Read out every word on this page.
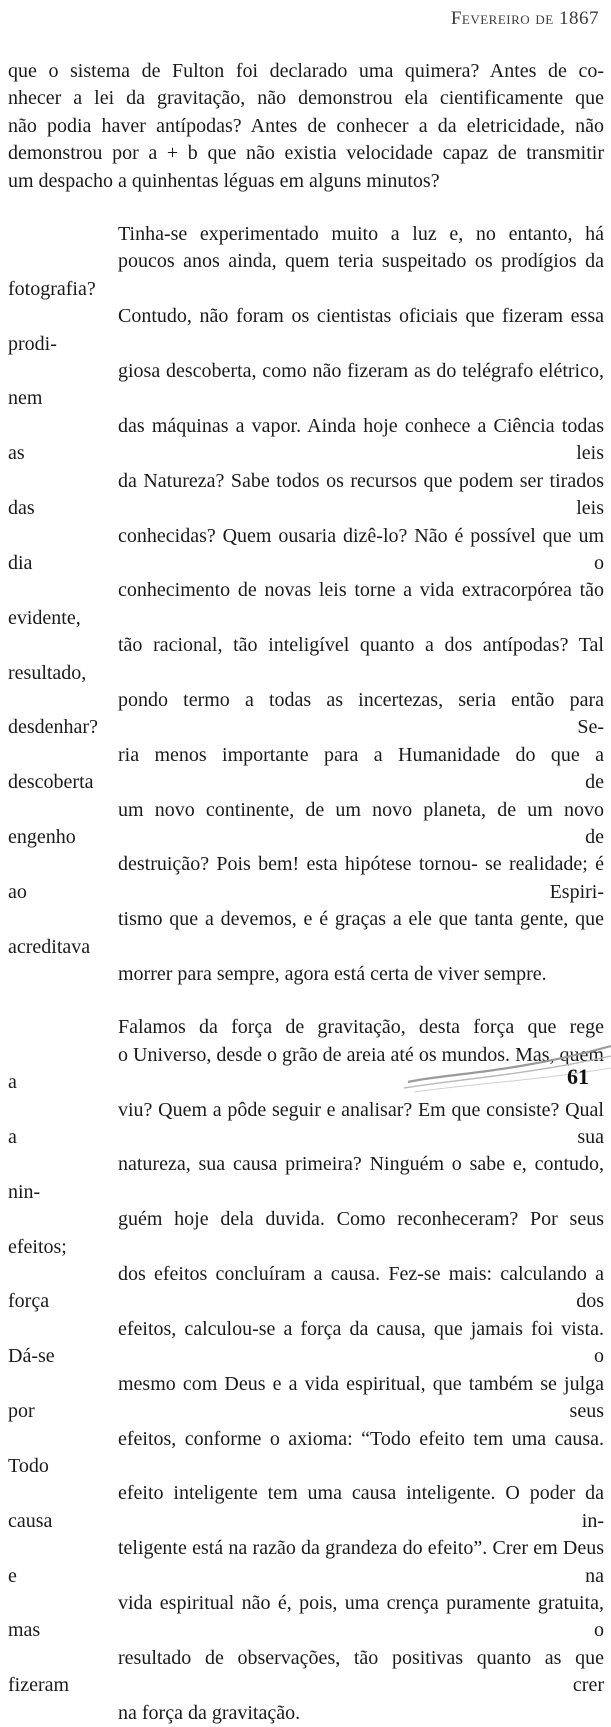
Fevereiro de 1867

que o sistema de Fulton foi declarado uma quimera? Antes de co-
nhecer a lei da gravitação, não demonstrou ela cientificamente que
não podia haver antípodas? Antes de conhecer a da eletricidade, não
demonstrou por a + b que não existia velocidade capaz de transmitir
um despacho a quinhentas léguas em alguns minutos?

Tinha-se experimentado muito a luz e, no entanto, há
poucos anos ainda, quem teria suspeitado os prodígios da fotografia?
Contudo, não foram os cientistas oficiais que fizeram essa prodi-
giosa descoberta, como não fizeram as do telégrafo elétrico, nem
das máquinas a vapor. Ainda hoje conhece a Ciência todas as leis
da Natureza? Sabe todos os recursos que podem ser tirados das leis
conhecidas? Quem ousaria dizê-lo? Não é possível que um dia o
conhecimento de novas leis torne a vida extracorpórea tão evidente,
tão racional, tão inteligível quanto a dos antípodas? Tal resultado,
pondo termo a todas as incertezas, seria então para desdenhar? Se-
ria menos importante para a Humanidade do que a descoberta de
um novo continente, de um novo planeta, de um novo engenho de
destruição? Pois bem! esta hipótese tornou- se realidade; é ao Espiri-
tismo que a devemos, e é graças a ele que tanta gente, que acreditava
morrer para sempre, agora está certa de viver sempre.

Falamos da força de gravitação, desta força que rege
o Universo, desde o grão de areia até os mundos. Mas, quem a
viu? Quem a pôde seguir e analisar? Em que consiste? Qual a sua
natureza, sua causa primeira? Ninguém o sabe e, contudo, nin-
guém hoje dela duvida. Como reconheceram? Por seus efeitos;
dos efeitos concluíram a causa. Fez-se mais: calculando a força dos
efeitos, calculou-se a força da causa, que jamais foi vista. Dá-se o
mesmo com Deus e a vida espiritual, que também se julga por seus
efeitos, conforme o axioma: “Todo efeito tem uma causa. Todo
efeito inteligente tem uma causa inteligente. O poder da causa in-
teligente está na razão da grandeza do efeito”. Crer em Deus e na
vida espiritual não é, pois, uma crença puramente gratuita, mas o
resultado de observações, tão positivas quanto as que fizeram crer
na força da gravitação.

61
